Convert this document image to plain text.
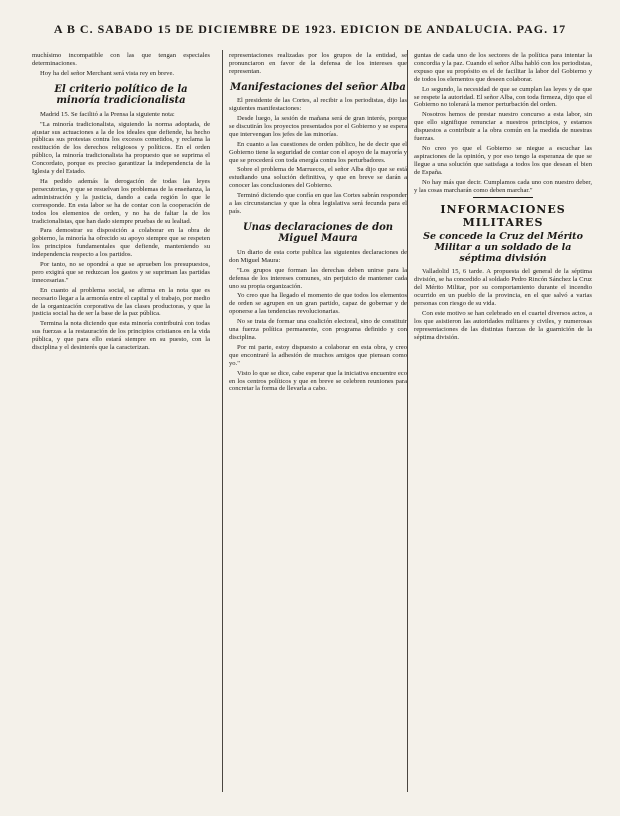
A B C. SABADO 15 DE DICIEMBRE DE 1923. EDICION DE ANDALUCIA. PAG. 17

muchísimo incompatible con las que tengan especiales determinaciones.

Hoy ha del señor Merchant será vista rey en breve.

El criterio político de la minoría tradicionalista

Madrid 15. Se facilitó a la Prensa la siguiente nota:

"La minoría tradicionalista, siguiendo la norma adoptada, de ajustar sus actuaciones a la de los ideales que defiende, ha hecho públicas sus protestas contra los excesos cometidos, y reclama la restitución de los derechos religiosos y políticos. En el orden público, la minoría tradicionalista ha propuesto que se suprima el Concordato, porque es preciso garantizar la independencia de la Iglesia y del Estado.

Ha pedido además la derogación de todas las leyes persecutorias, y que se resuelvan los problemas de la enseñanza, la administración y la justicia, dando a cada región lo que le corresponde. En esta labor se ha de contar con la cooperación de todos los elementos de orden, y no ha de faltar la de los tradicionalistas, que han dado siempre pruebas de su lealtad.

Para demostrar su disposición a colaborar en la obra de gobierno, la minoría ha ofrecido su apoyo siempre que se respeten los principios fundamentales que defiende, manteniendo su independencia respecto a los partidos.

Por tanto, no se opondrá a que se aprueben los presupuestos, pero exigirá que se reduzcan los gastos y se supriman las partidas innecesarias."

En cuanto al problema social, se afirma en la nota que es necesario llegar a la armonía entre el capital y el trabajo, por medio de la organización corporativa de las clases productoras, y que la justicia social ha de ser la base de la paz pública.

Termina la nota diciendo que esta minoría contribuirá con todas sus fuerzas a la restauración de los principios cristianos en la vida pública, y que para ello estará siempre en su puesto, con la disciplina y el desinterés que la caracterizan.

representaciones realizadas por los grupos de la entidad, se pronunciaron en favor de la defensa de los intereses que representan.

Manifestaciones del señor Alba

El presidente de las Cortes, al recibir a los periodistas, dijo las siguientes manifestaciones:

Desde luego, la sesión de mañana será de gran interés, porque se discutirán los proyectos presentados por el Gobierno y se espera que intervengan los jefes de las minorías.

En cuanto a las cuestiones de orden público, he de decir que el Gobierno tiene la seguridad de contar con el apoyo de la mayoría y que se procederá con toda energía contra los perturbadores.

Sobre el problema de Marruecos, el señor Alba dijo que se está estudiando una solución definitiva, y que en breve se darán a conocer las conclusiones del Gobierno.

Terminó diciendo que confía en que las Cortes sabrán responder a las circunstancias y que la obra legislativa será fecunda para el país.

Unas declaraciones de don Miguel Maura

Un diario de esta corte publica las siguientes declaraciones de don Miguel Maura:

"Los grupos que forman las derechas deben unirse para la defensa de los intereses comunes, sin perjuicio de mantener cada uno su propia organización.

Yo creo que ha llegado el momento de que todos los elementos de orden se agrupen en un gran partido, capaz de gobernar y de oponerse a las tendencias revolucionarias.

No se trata de formar una coalición electoral, sino de constituir una fuerza política permanente, con programa definido y con disciplina.

Por mi parte, estoy dispuesto a colaborar en esta obra, y creo que encontraré la adhesión de muchos amigos que piensan como yo."

Visto lo que se dice, cabe esperar que la iniciativa encuentre eco en los centros políticos y que en breve se celebren reuniones para concretar la forma de llevarla a cabo.

guntas de cada uno de los sectores de la política para intentar la concordia y la paz. Cuando el señor Alba habló con los periodistas, expuso que su propósito es el de facilitar la labor del Gobierno y de todos los elementos que deseen colaborar.

Lo segundo, la necesidad de que se cumplan las leyes y de que se respete la autoridad. El señor Alba, con toda firmeza, dijo que el Gobierno no tolerará la menor perturbación del orden.

Nosotros hemos de prestar nuestro concurso a esta labor, sin que ello signifique renunciar a nuestros principios, y estamos dispuestos a contribuir a la obra común en la medida de nuestras fuerzas.

No creo yo que el Gobierno se niegue a escuchar las aspiraciones de la opinión, y por eso tengo la esperanza de que se llegue a una solución que satisfaga a todos los que desean el bien de España.

No hay más que decir. Cumplamos cada uno con nuestro deber, y las cosas marcharán como deben marchar."

INFORMACIONES MILITARES
Se concede la Cruz del Mérito Militar a un soldado de la séptima división

Valladolid 15, 6 tarde. A propuesta del general de la séptima división, se ha concedido al soldado Pedro Rincón Sánchez la Cruz del Mérito Militar, por su comportamiento durante el incendio ocurrido en un pueblo de la provincia, en el que salvó a varias personas con riesgo de su vida.

Con este motivo se han celebrado en el cuartel diversos actos, a los que asistieron las autoridades militares y civiles, y numerosas representaciones de las distintas fuerzas de la guarnición de la séptima división.
